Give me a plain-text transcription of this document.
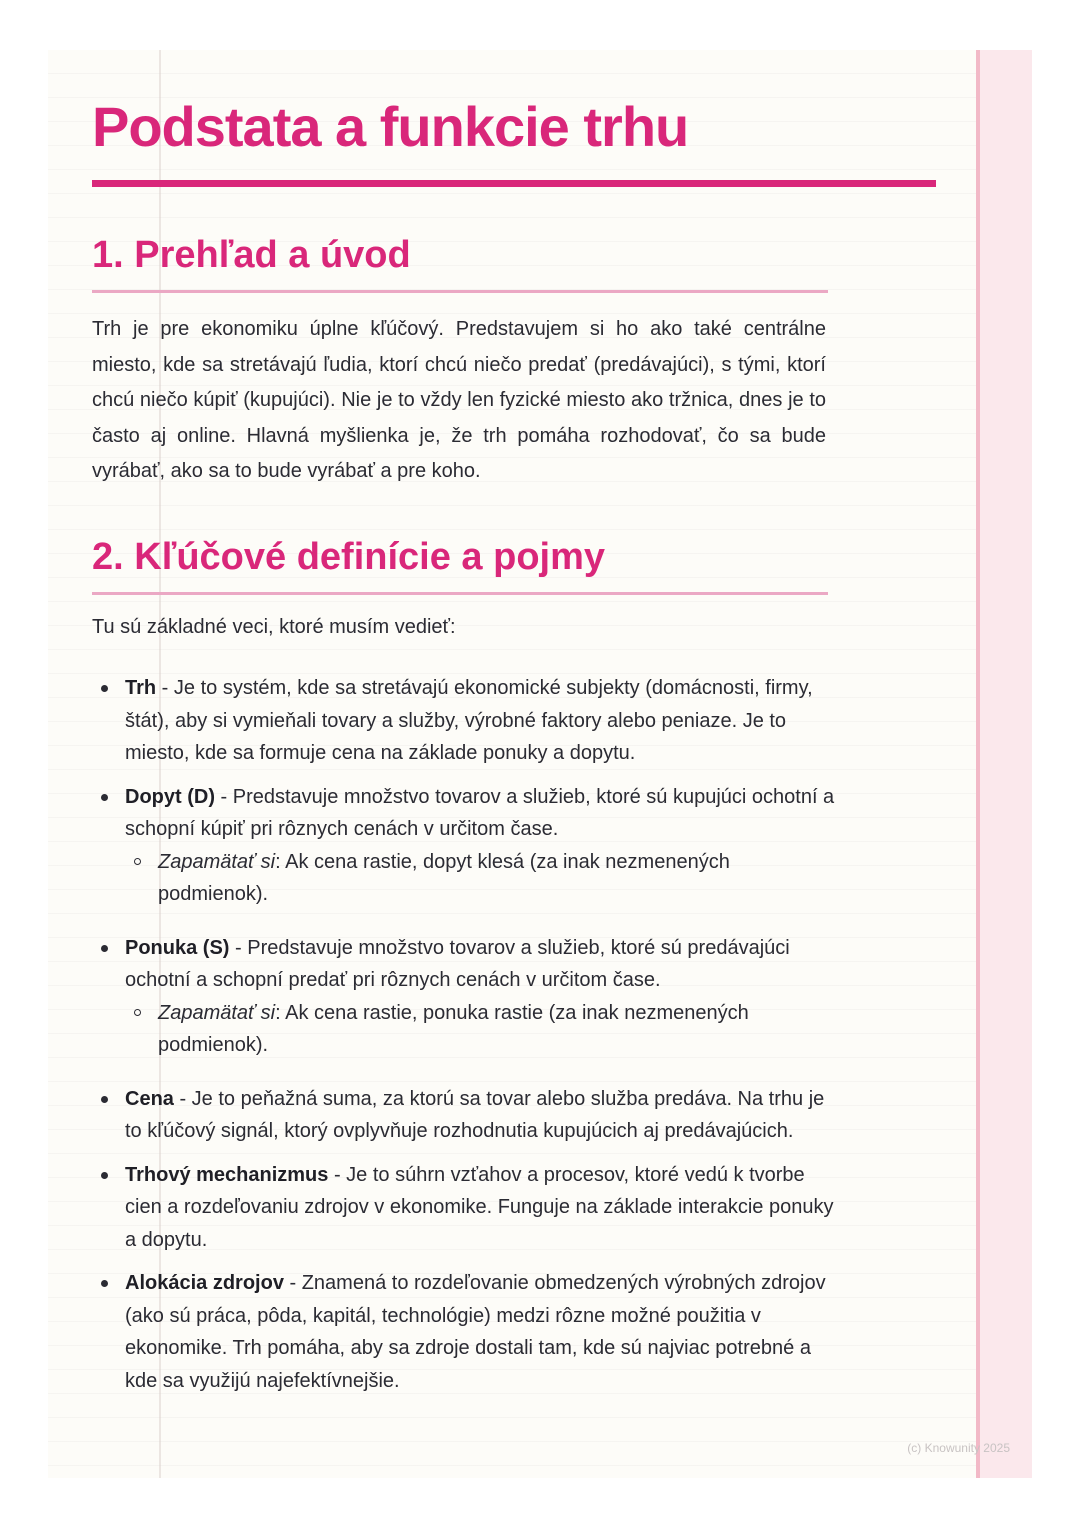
Podstata a funkcie trhu
1. Prehľad a úvod

Trh je pre ekonomiku úplne kľúčový. Predstavujem si ho ako také centrálne miesto, kde sa stretávajú ľudia, ktorí chcú niečo predať (predávajúci), s tými, ktorí chcú niečo kúpiť (kupujúci). Nie je to vždy len fyzické miesto ako tržnica, dnes je to často aj online. Hlavná myšlienka je, že trh pomáha rozhodovať, čo sa bude vyrábať, ako sa to bude vyrábať a pre koho.

2. Kľúčové definície a pojmy

Tu sú základné veci, ktoré musím vedieť:

Trh - Je to systém, kde sa stretávajú ekonomické subjekty (domácnosti, firmy, štát), aby si vymieňali tovary a služby, výrobné faktory alebo peniaze. Je to miesto, kde sa formuje cena na základe ponuky a dopytu.
Dopyt (D) - Predstavuje množstvo tovarov a služieb, ktoré sú kupujúci ochotní a schopní kúpiť pri rôznych cenách v určitom čase.
Zapamätať si: Ak cena rastie, dopyt klesá (za inak nezmenených podmienok).
Ponuka (S) - Predstavuje množstvo tovarov a služieb, ktoré sú predávajúci ochotní a schopní predať pri rôznych cenách v určitom čase.
Zapamätať si: Ak cena rastie, ponuka rastie (za inak nezmenených podmienok).
Cena - Je to peňažná suma, za ktorú sa tovar alebo služba predáva. Na trhu je to kľúčový signál, ktorý ovplyvňuje rozhodnutia kupujúcich aj predávajúcich.
Trhový mechanizmus - Je to súhrn vzťahov a procesov, ktoré vedú k tvorbe cien a rozdeľovaniu zdrojov v ekonomike. Funguje na základe interakcie ponuky a dopytu.
Alokácia zdrojov - Znamená to rozdeľovanie obmedzených výrobných zdrojov (ako sú práca, pôda, kapitál, technológie) medzi rôzne možné použitia v ekonomike. Trh pomáha, aby sa zdroje dostali tam, kde sú najviac potrebné a kde sa využijú najefektívnejšie.
(c) Knowunity 2025
